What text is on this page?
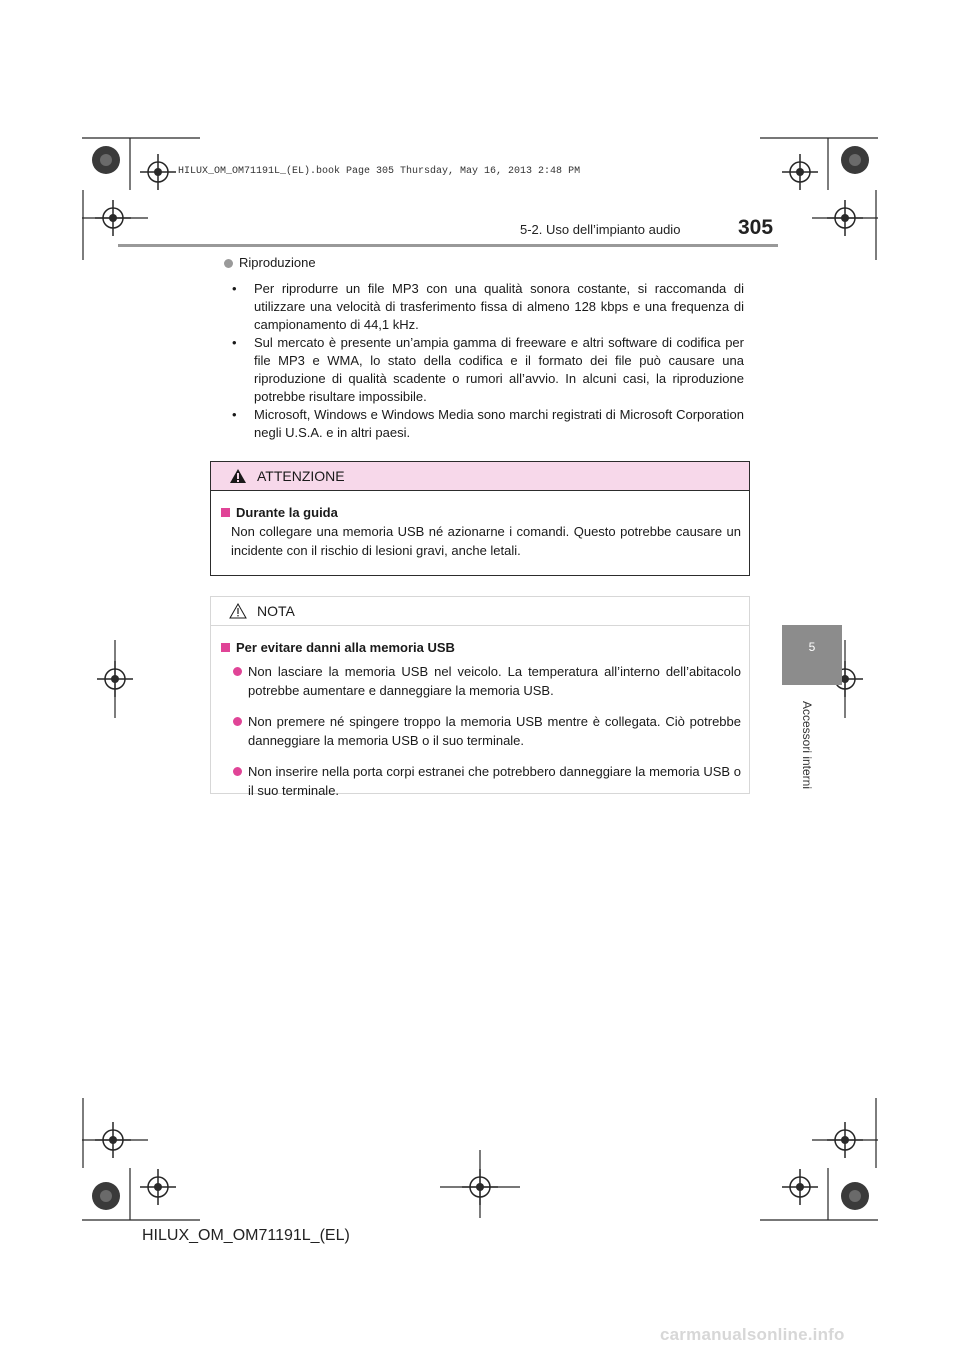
HILUX_OM_OM71191L_(EL).book Page 305 Thursday, May 16, 2013 2:48 PM
5-2. Uso dell’impianto audio	305
5
Accessori interni
Riproduzione
• Per riprodurre un file MP3 con una qualità sonora costante, si raccomanda di utilizzare una velocità di trasferimento fissa di almeno 128 kbps e una frequenza di campionamento di 44,1 kHz.
• Sul mercato è presente un’ampia gamma di freeware e altri software di codifica per file MP3 e WMA, lo stato della codifica e il formato dei file può causare una riproduzione di qualità scadente o rumori all’avvio. In alcuni casi, la riproduzione potrebbe risultare impossibile.
• Microsoft, Windows e Windows Media sono marchi registrati di Microsoft Corporation negli U.S.A. e in altri paesi.
ATTENZIONE
Durante la guida
Non collegare una memoria USB né azionarne i comandi. Questo potrebbe causare un incidente con il rischio di lesioni gravi, anche letali.
NOTA
Per evitare danni alla memoria USB
Non lasciare la memoria USB nel veicolo. La temperatura all’interno dell’abitacolo potrebbe aumentare e danneggiare la memoria USB.
Non premere né spingere troppo la memoria USB mentre è collegata. Ciò potrebbe danneggiare la memoria USB o il suo terminale.
Non inserire nella porta corpi estranei che potrebbero danneggiare la memoria USB o il suo terminale.
HILUX_OM_OM71191L_(EL)
carmanualsonline.info
